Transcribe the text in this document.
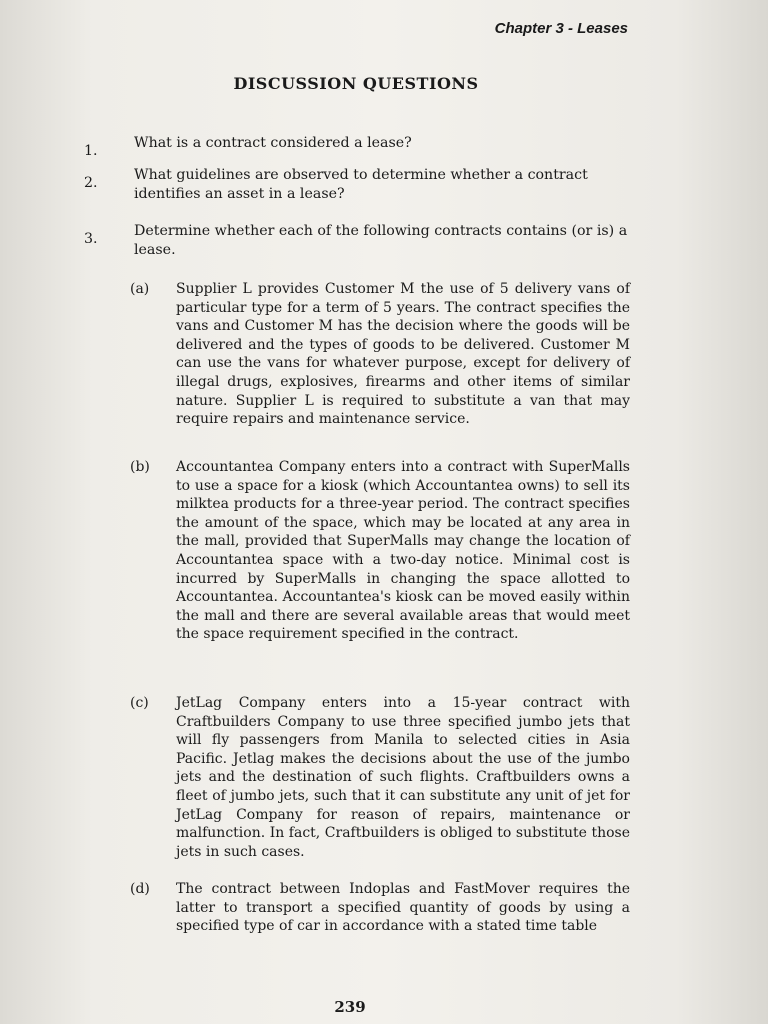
Chapter 3 - Leases
DISCUSSION QUESTIONS
1.	What is a contract considered a lease?
2.	What guidelines are observed to determine whether a contract identifies an asset in a lease?
3.	Determine whether each of the following contracts contains (or is) a lease.
(a) Supplier L provides Customer M the use of 5 delivery vans of particular type for a term of 5 years. The contract specifies the vans and Customer M has the decision where the goods will be delivered and the types of goods to be delivered. Customer M can use the vans for whatever purpose, except for delivery of illegal drugs, explosives, firearms and other items of similar nature. Supplier L is required to substitute a van that may require repairs and maintenance service.
(b) Accountantea Company enters into a contract with SuperMalls to use a space for a kiosk (which Accountantea owns) to sell its milktea products for a three-year period. The contract specifies the amount of the space, which may be located at any area in the mall, provided that SuperMalls may change the location of Accountantea space with a two-day notice. Minimal cost is incurred by SuperMalls in changing the space allotted to Accountantea. Accountantea's kiosk can be moved easily within the mall and there are several available areas that would meet the space requirement specified in the contract.
(c) JetLag Company enters into a 15-year contract with Craftbuilders Company to use three specified jumbo jets that will fly passengers from Manila to selected cities in Asia Pacific. Jetlag makes the decisions about the use of the jumbo jets and the destination of such flights. Craftbuilders owns a fleet of jumbo jets, such that it can substitute any unit of jet for JetLag Company for reason of repairs, maintenance or malfunction. In fact, Craftbuilders is obliged to substitute those jets in such cases.
(d) The contract between Indoplas and FastMover requires the latter to transport a specified quantity of goods by using a specified type of car in accordance with a stated time table
239
